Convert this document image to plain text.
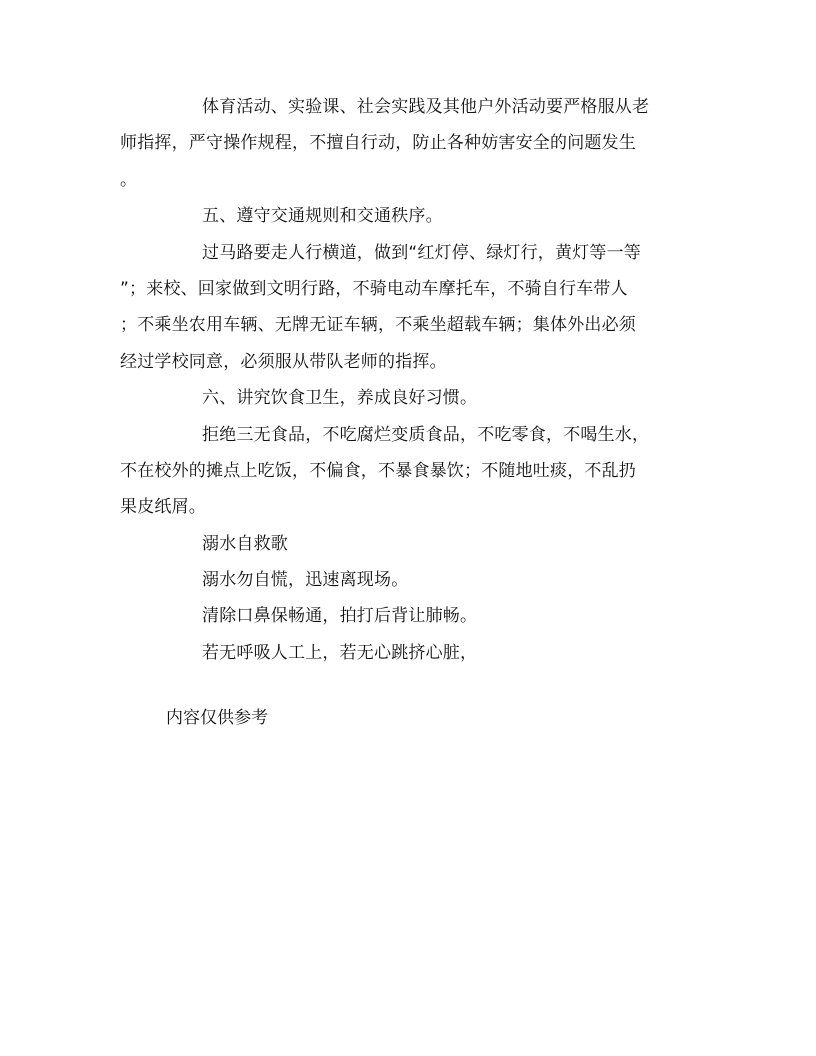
体育活动、实验课、社会实践及其他户外活动要严格服从老
师指挥，严守操作规程，不擅自行动，防止各种妨害安全的问题发生
。
五、遵守交通规则和交通秩序。
过马路要走人行横道，做到“红灯停、绿灯行，黄灯等一等
”；来校、回家做到文明行路，不骑电动车摩托车，不骑自行车带人
；不乘坐农用车辆、无牌无证车辆，不乘坐超载车辆；集体外出必须
经过学校同意，必须服从带队老师的指挥。
六、讲究饮食卫生，养成良好习惯。
拒绝三无食品，不吃腐烂变质食品，不吃零食，不喝生水，
不在校外的摊点上吃饭，不偏食，不暴食暴饮；不随地吐痰，不乱扔
果皮纸屑。
溺水自救歌
溺水勿自慌，迅速离现场。
清除口鼻保畅通，拍打后背让肺畅。
若无呼吸人工上，若无心跳挤心脏，
内容仅供参考
